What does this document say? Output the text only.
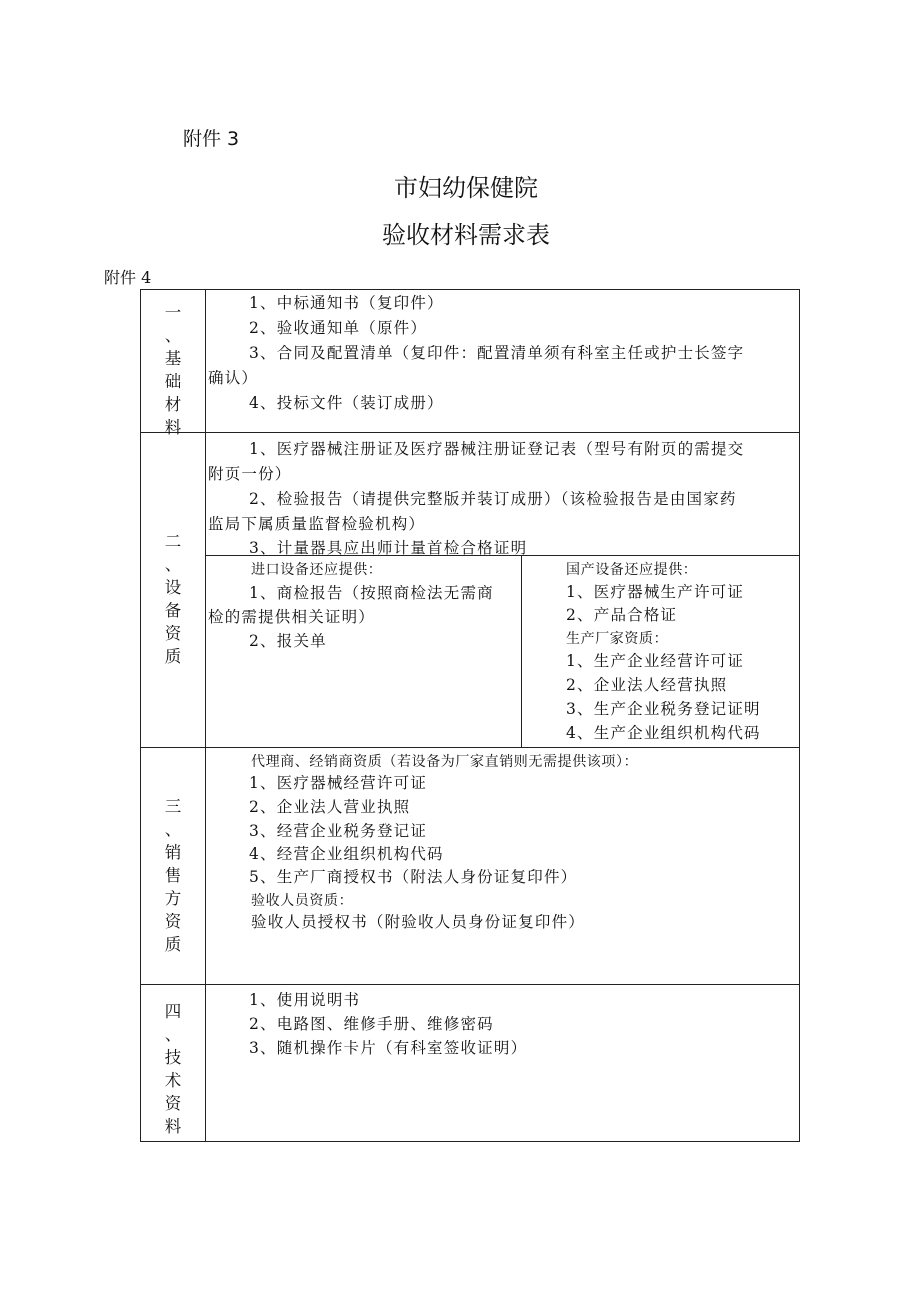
附件 3
市妇幼保健院
验收材料需求表
附件 4
一
、
基
础
材
料
1、中标通知书（复印件）
2、验收通知单（原件）
3、合同及配置清单（复印件：配置清单须有科室主任或护士长签字
确认）
4、投标文件（装订成册）
二
、
设
备
资
质
1、医疗器械注册证及医疗器械注册证登记表（型号有附页的需提交
附页一份）
2、检验报告（请提供完整版并装订成册）（该检验报告是由国家药
监局下属质量监督检验机构）
3、计量器具应出师计量首检合格证明
进口设备还应提供：
1、商检报告（按照商检法无需商
检的需提供相关证明）
2、报关单
国产设备还应提供：
1、医疗器械生产许可证
2、产品合格证
生产厂家资质：
1、生产企业经营许可证
2、企业法人经营执照
3、生产企业税务登记证明
4、生产企业组织机构代码
三
、
销
售
方
资
质
代理商、经销商资质（若设备为厂家直销则无需提供该项）：
1、医疗器械经营许可证
2、企业法人营业执照
3、经营企业税务登记证
4、经营企业组织机构代码
5、生产厂商授权书（附法人身份证复印件）
验收人员资质：
验收人员授权书（附验收人员身份证复印件）
四
、
技
术
资
料
1、使用说明书
2、电路图、维修手册、维修密码
3、随机操作卡片（有科室签收证明）
